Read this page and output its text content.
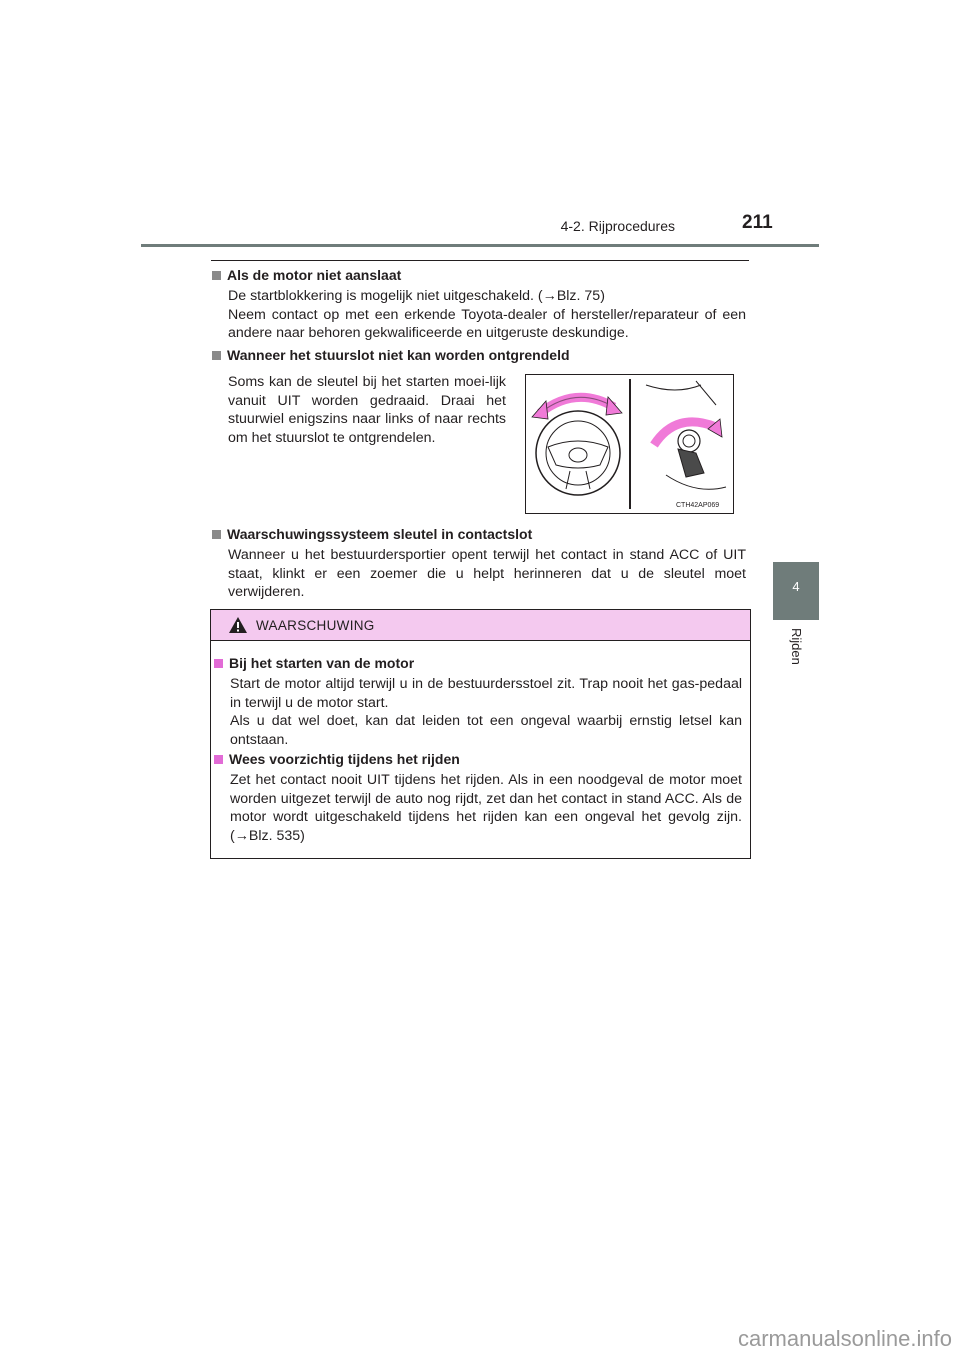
4-2. Rijprocedures	211
4
Rijden
Als de motor niet aanslaat

De startblokkering is mogelijk niet uitgeschakeld. (→Blz. 75)

Neem contact op met een erkende Toyota-dealer of hersteller/reparateur of een andere naar behoren gekwalificeerde en uitgeruste deskundige.

Wanneer het stuurslot niet kan worden ontgrendeld

Soms kan de sleutel bij het starten moei-lijk vanuit UIT worden gedraaid. Draai het stuurwiel enigszins naar links of naar rechts om het stuurslot te ontgrendelen.

CTH42AP069
Waarschuwingssysteem sleutel in contactslot

Wanneer u het bestuurdersportier opent terwijl het contact in stand ACC of UIT staat, klinkt er een zoemer die u helpt herinneren dat u de sleutel moet verwijderen.

WAARSCHUWING
Bij het starten van de motor

Start de motor altijd terwijl u in de bestuurdersstoel zit. Trap nooit het gas-pedaal in terwijl u de motor start.

Als u dat wel doet, kan dat leiden tot een ongeval waarbij ernstig letsel kan ontstaan.

Wees voorzichtig tijdens het rijden

Zet het contact nooit UIT tijdens het rijden. Als in een noodgeval de motor moet worden uitgezet terwijl de auto nog rijdt, zet dan het contact in stand ACC. Als de motor wordt uitgeschakeld tijdens het rijden kan een ongeval het gevolg zijn. (→Blz. 535)

carmanualsonline.info
